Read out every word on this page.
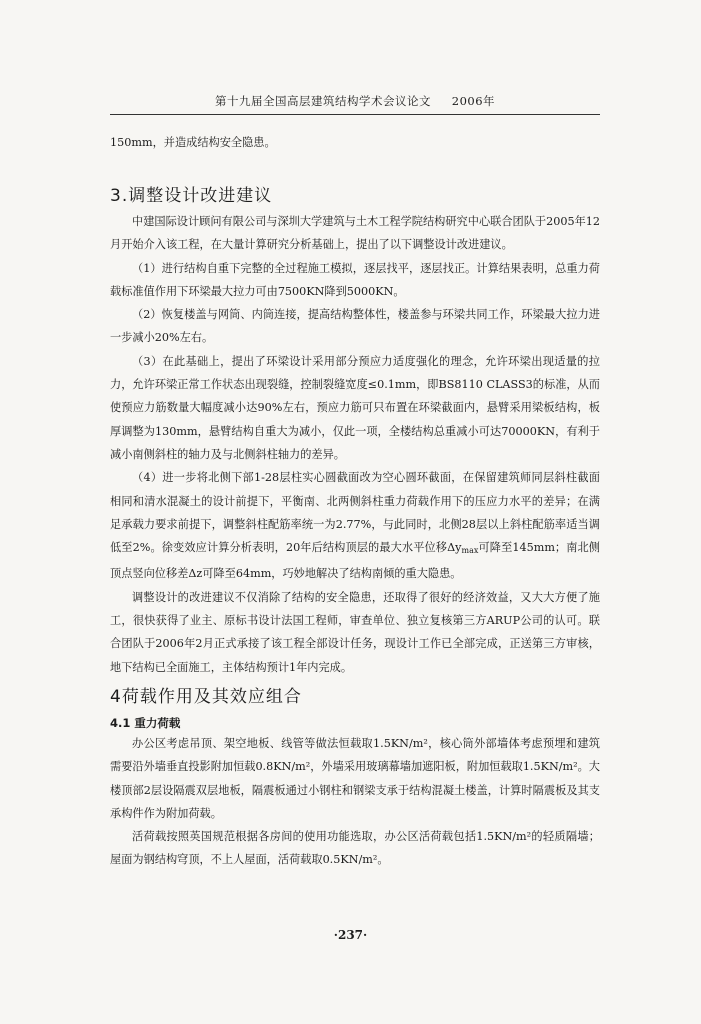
第十九届全国高层建筑结构学术会议论文 2006年

150mm，并造成结构安全隐患。

3.调整设计改进建议

中建国际设计顾问有限公司与深圳大学建筑与土木工程学院结构研究中心联合团队于2005年12月开始介入该工程，在大量计算研究分析基础上，提出了以下调整设计改进建议。

（1）进行结构自重下完整的全过程施工模拟，逐层找平，逐层找正。计算结果表明，总重力荷载标准值作用下环梁最大拉力可由7500KN降到5000KN。

（2）恢复楼盖与网筒、内筒连接，提高结构整体性，楼盖参与环梁共同工作，环梁最大拉力进一步减小20%左右。

（3）在此基础上，提出了环梁设计采用部分预应力适度强化的理念，允许环梁出现适量的拉力，允许环梁正常工作状态出现裂缝，控制裂缝宽度≤0.1mm，即BS8110 CLASS3的标准，从而使预应力筋数量大幅度减小达90%左右，预应力筋可只布置在环梁截面内，悬臂采用梁板结构，板厚调整为130mm，悬臂结构自重大为减小，仅此一项，全楼结构总重减小可达70000KN，有利于减小南侧斜柱的轴力及与北侧斜柱轴力的差异。

（4）进一步将北侧下部1-28层柱实心圆截面改为空心圆环截面，在保留建筑师同层斜柱截面相同和清水混凝土的设计前提下，平衡南、北两侧斜柱重力荷载作用下的压应力水平的差异；在满足承载力要求前提下，调整斜柱配筋率统一为2.77%，与此同时，北侧28层以上斜柱配筋率适当调低至2%。徐变效应计算分析表明，20年后结构顶层的最大水平位移$\Delta y_{max}$可降至145mm；南北侧顶点竖向位移差Δz可降至64mm，巧妙地解决了结构南倾的重大隐患。

调整设计的改进建议不仅消除了结构的安全隐患，还取得了很好的经济效益，又大大方便了施工，很快获得了业主、原标书设计法国工程师，审查单位、独立复核第三方ARUP公司的认可。联合团队于2006年2月正式承接了该工程全部设计任务，现设计工作已全部完成，正送第三方审核，地下结构已全面施工，主体结构预计1年内完成。

4荷载作用及其效应组合
4.1 重力荷载

办公区考虑吊顶、架空地板、线管等做法恒载取1.5KN/m²，核心筒外部墙体考虑预埋和建筑需要沿外墙垂直投影附加恒载0.8KN/m²，外墙采用玻璃幕墙加遮阳板，附加恒载取1.5KN/m²。大楼顶部2层设隔震双层地板，隔震板通过小钢柱和钢梁支承于结构混凝土楼盖，计算时隔震板及其支承构件作为附加荷载。

活荷载按照英国规范根据各房间的使用功能选取，办公区活荷载包括1.5KN/m²的轻质隔墙；屋面为钢结构穹顶，不上人屋面，活荷载取0.5KN/m²。

·237·
